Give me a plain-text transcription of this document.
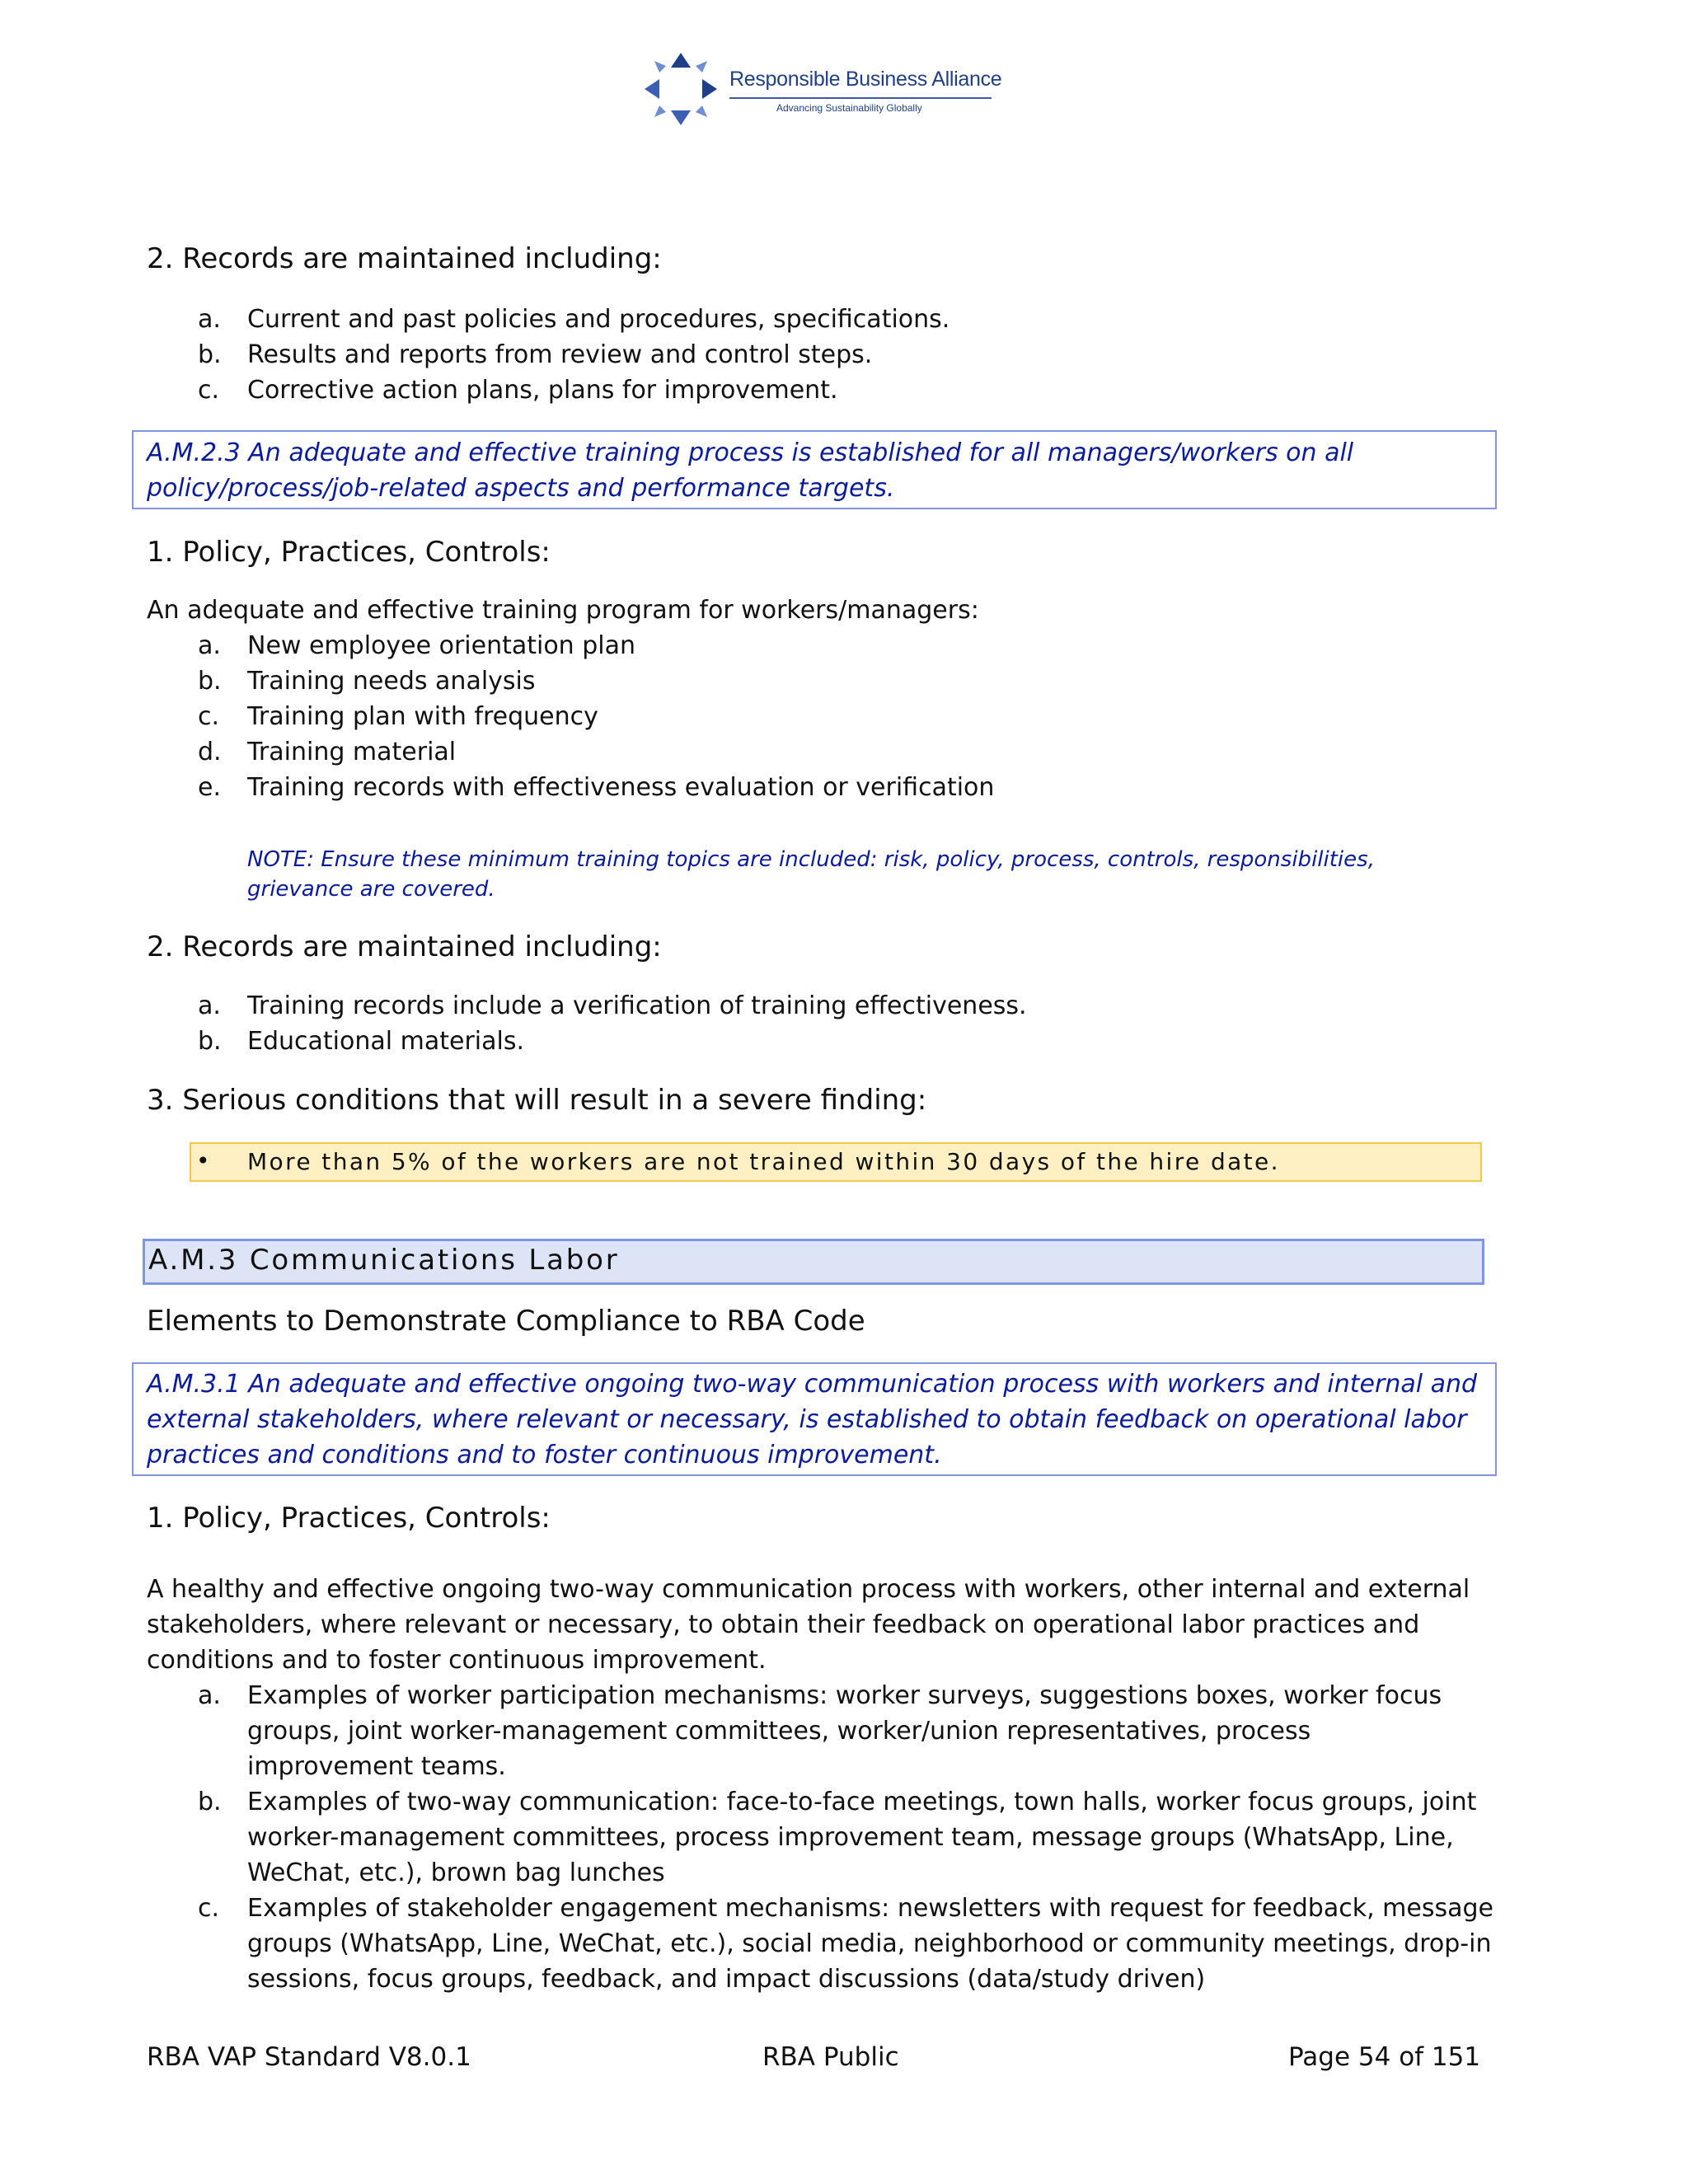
Responsible Business Alliance
Advancing Sustainability Globally
2. Records are maintained including:
a. Current and past policies and procedures, specifications.
b. Results and reports from review and control steps.
c. Corrective action plans, plans for improvement.
A.M.2.3 An adequate and effective training process is established for all managers/workers on all
policy/process/job-related aspects and performance targets.
1. Policy, Practices, Controls:
An adequate and effective training program for workers/managers:
a. New employee orientation plan
b. Training needs analysis
c. Training plan with frequency
d. Training material
e. Training records with effectiveness evaluation or verification
NOTE: Ensure these minimum training topics are included: risk, policy, process, controls, responsibilities,
grievance are covered.
2. Records are maintained including:
a. Training records include a verification of training effectiveness.
b. Educational materials.
3. Serious conditions that will result in a severe finding:
• More than 5% of the workers are not trained within 30 days of the hire date.
A.M.3 Communications Labor
Elements to Demonstrate Compliance to RBA Code
A.M.3.1 An adequate and effective ongoing two-way communication process with workers and internal and
external stakeholders, where relevant or necessary, is established to obtain feedback on operational labor
practices and conditions and to foster continuous improvement.
1. Policy, Practices, Controls:
A healthy and effective ongoing two-way communication process with workers, other internal and external
stakeholders, where relevant or necessary, to obtain their feedback on operational labor practices and
conditions and to foster continuous improvement.
a. Examples of worker participation mechanisms: worker surveys, suggestions boxes, worker focus
groups, joint worker-management committees, worker/union representatives, process
improvement teams.
b. Examples of two-way communication: face-to-face meetings, town halls, worker focus groups, joint
worker-management committees, process improvement team, message groups (WhatsApp, Line,
WeChat, etc.), brown bag lunches
c. Examples of stakeholder engagement mechanisms: newsletters with request for feedback, message
groups (WhatsApp, Line, WeChat, etc.), social media, neighborhood or community meetings, drop-in
sessions, focus groups, feedback, and impact discussions (data/study driven)
RBA VAP Standard V8.0.1	RBA Public	Page 54 of 151
